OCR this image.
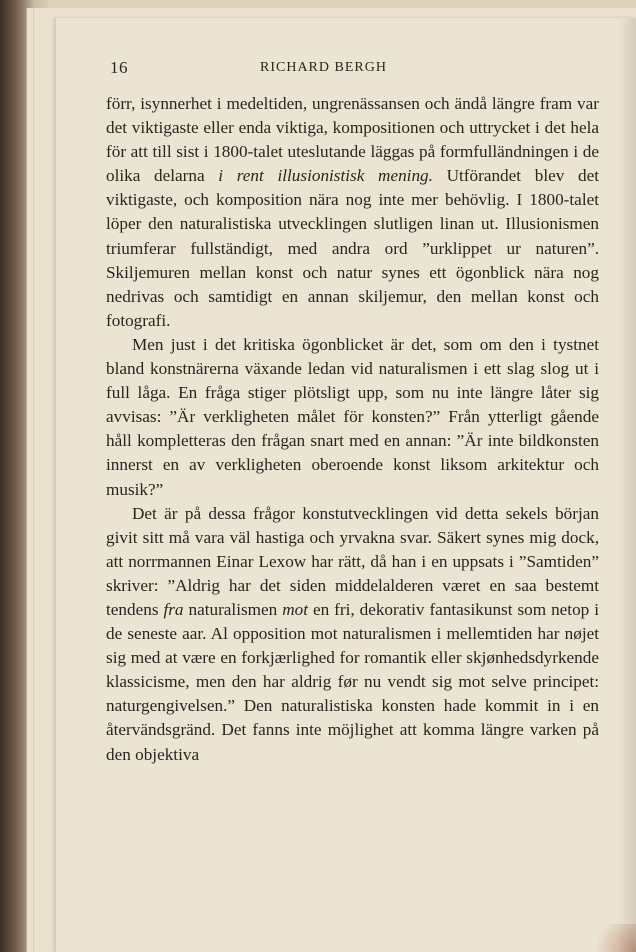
16	RICHARD BERGH

förr, isynnerhet i medeltiden, ungrenässansen och ändå längre fram var det viktigaste eller enda viktiga, kompositionen och uttrycket i det hela för att till sist i 1800-talet uteslutande läggas på formfulländningen i de olika delarna i rent illusionistisk mening. Utförandet blev det viktigaste, och komposition nära nog inte mer behövlig. I 1800-talet löper den naturalistiska utvecklingen slutligen linan ut. Illusionismen triumferar fullständigt, med andra ord ”urklippet ur naturen”. Skiljemuren mellan konst och natur synes ett ögonblick nära nog nedrivas och samtidigt en annan skiljemur, den mellan konst och fotografi.

Men just i det kritiska ögonblicket är det, som om den i tystnet bland konstnärerna växande ledan vid naturalismen i ett slag slog ut i full låga. En fråga stiger plötsligt upp, som nu inte längre låter sig avvisas: ”Är verkligheten målet för konsten?” Från ytterligt gående håll kompletteras den frågan snart med en annan: ”Är inte bildkonsten innerst en av verkligheten oberoende konst liksom arkitektur och musik?”

Det är på dessa frågor konstutvecklingen vid detta sekels början givit sitt må vara väl hastiga och yrvakna svar. Säkert synes mig dock, att norrmannen Einar Lexow har rätt, då han i en uppsats i ”Samtiden” skriver: ”Aldrig har det siden middelalderen været en saa bestemt tendens fra naturalismen mot en fri, dekorativ fantasikunst som netop i de seneste aar. Al opposition mot naturalismen i mellemtiden har nøjet sig med at være en forkjærlighed for romantik eller skjønhedsdyrkende klassicisme, men den har aldrig før nu vendt sig mot selve principet: naturgengivelsen.” Den naturalistiska konsten hade kommit in i en återvändsgränd. Det fanns inte möjlighet att komma längre varken på den objektiva
